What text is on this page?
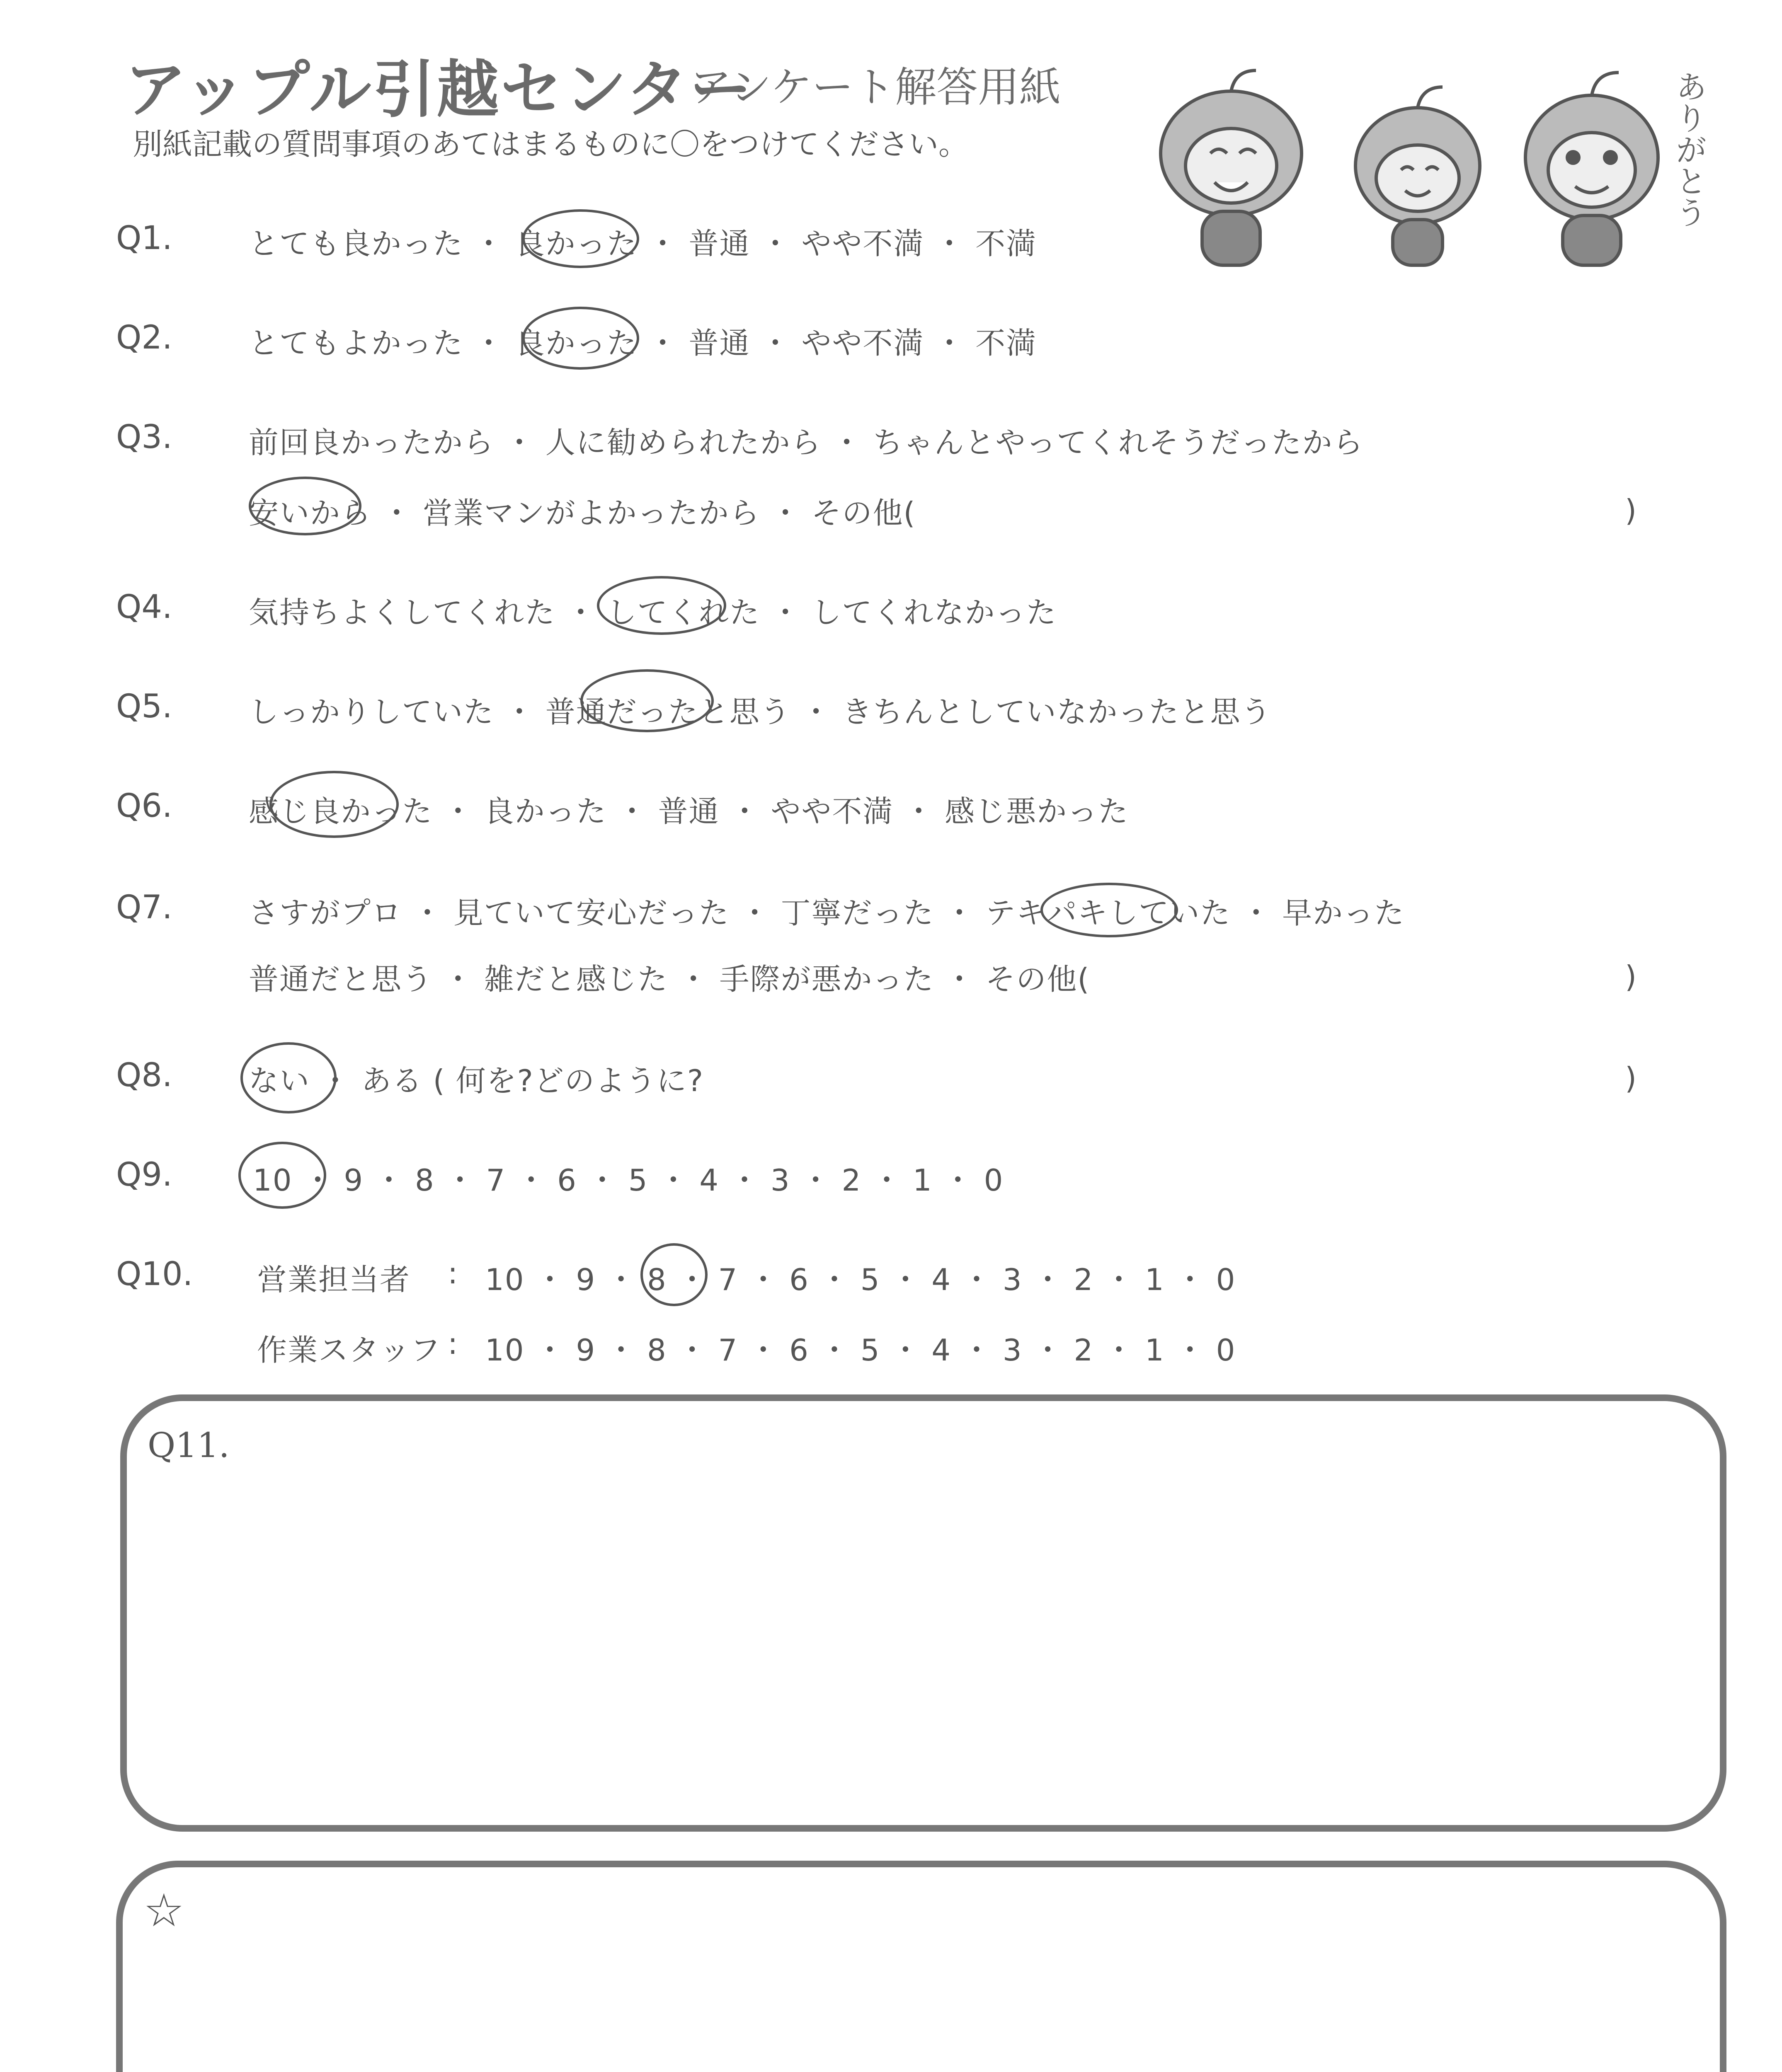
アップル引越センター
アンケート解答用紙
別紙記載の質問事項のあてはまるものに〇をつけてください。	ありがとう
Q1.	とても良かった ・ 良かった ・ 普通 ・ やや不満 ・ 不満
Q2.	とてもよかった ・ 良かった ・ 普通 ・ やや不満 ・ 不満
Q3.	前回良かったから ・ 人に勧められたから ・ ちゃんとやってくれそうだったから
安いから ・ 営業マンがよかったから ・ その他(	)
Q4.	気持ちよくしてくれた ・ してくれた ・ してくれなかった
Q5.	しっかりしていた ・ 普通だったと思う ・ きちんとしていなかったと思う
Q6.	感じ良かった ・ 良かった ・ 普通 ・ やや不満 ・ 感じ悪かった
Q7.	さすがプロ ・ 見ていて安心だった ・ 丁寧だった ・ テキパキしていた ・ 早かった
普通だと思う ・ 雑だと感じた ・ 手際が悪かった ・ その他(	)
Q8.	ない ・ ある ( 何を?どのように?	)
Q9.	10 ・ 9 ・ 8 ・ 7 ・ 6 ・ 5 ・ 4 ・ 3 ・ 2 ・ 1 ・ 0
Q10. 営業担当者 : 10 ・ 9 ・ 8 ・ 7 ・ 6 ・ 5 ・ 4 ・ 3 ・ 2 ・ 1 ・ 0
作業スタッフ : 10 ・ 9 ・ 8 ・ 7 ・ 6 ・ 5 ・ 4 ・ 3 ・ 2 ・ 1 ・ 0
Q11.
☆
